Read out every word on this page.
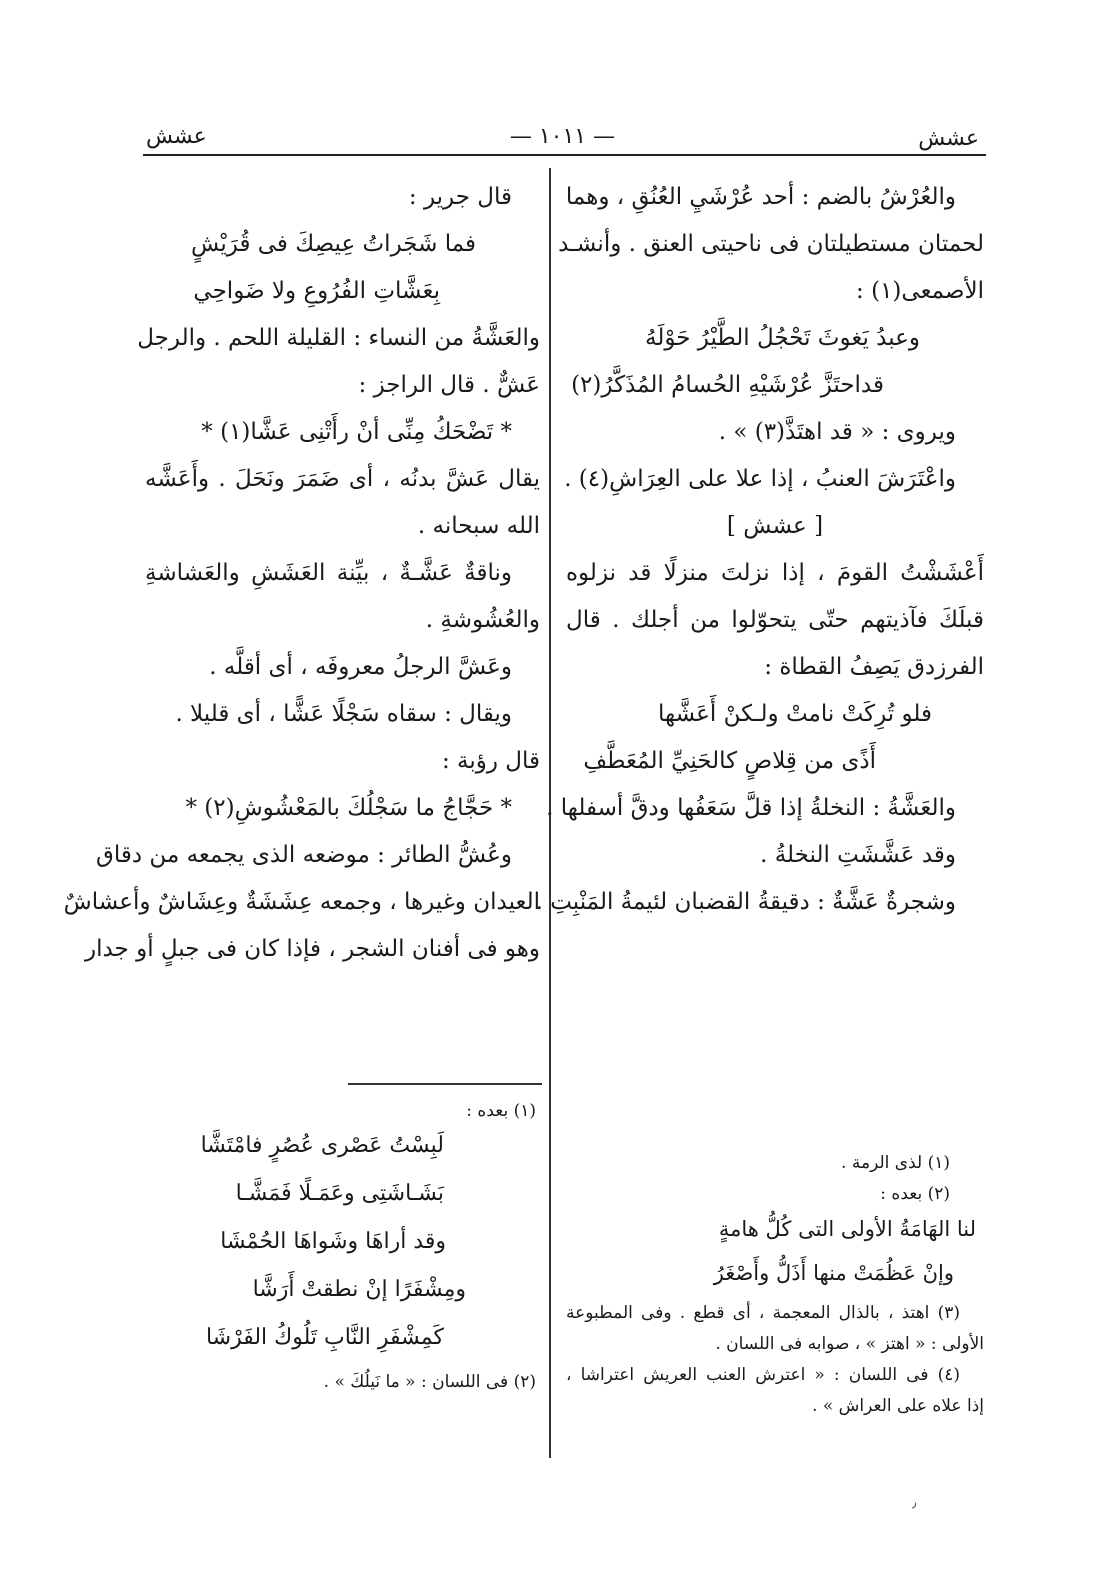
عشش	— ١٠١١ —	عشش
والعُرْشُ بالضم : أحد عُرْشَيِ العُنُقِ ، وهما
لحمتان مستطيلتان فى ناحيتى العنق . وأنشـد
الأصمعى(١) :
وعبدُ يَغوثَ تَحْجُلُ الطَّيْرُ حَوْلَهُ
قداحتَزَّ عُرْشَيْهِ الحُسامُ المُذَكَّرُ(٢)
ويروى : « قد اهتَذَّ(٣) » .
واعْتَرَشَ العنبُ ، إذا علا على العِرَاشِ(٤) .
[ عشش ]
أَعْشَشْتُ القومَ ، إذا نزلتَ منزلًا قد نزلوه
قبلَكَ فآذيتهم حتّى يتحوّلوا من أجلك . قال
الفرزدق يَصِفُ القطاة :
فلو تُرِكَتْ نامتْ ولـكنْ أَعَشَّها
أَذًى من قِلاصٍ كالحَنِيِّ المُعَطَّفِ
والعَشَّةُ : النخلةُ إذا قلَّ سَعَفُها ودقَّ أسفلها .
وقد عَشَّشَتِ النخلةُ .
وشجرةٌ عَشَّةٌ : دقيقةُ القضبان لئيمةُ المَنْبِتِ .
قال جرير :
فما شَجَراتُ عِيصِكَ فى قُرَيْشٍ
بِعَشَّاتِ الفُرُوعِ ولا ضَواحِي
والعَشَّةُ من النساء : القليلة اللحم . والرجل
عَشٌّ . قال الراجز :
* تَضْحَكُ مِنِّى أنْ رأَتْنِى عَشَّا(١) *
يقال عَشَّ بدنُه ، أى ضَمَرَ ونَحَلَ . وأَعَشَّه
الله سبحانه .
وناقةٌ عَشَّـةٌ ، بيِّنة العَشَشِ والعَشاشةِ
والعُشُوشةِ .
وعَشَّ الرجلُ معروفَه ، أى أقلَّه .
ويقال : سقاه سَجْلًا عَشًّا ، أى قليلا .
قال رؤبة :
* حَجَّاجُ ما سَجْلُكَ بالمَعْشُوشِ(٢) *
وعُشُّ الطائر : موضعه الذى يجمعه من دقاق
العيدان وغيرها ، وجمعه عِشَشَةٌ وعِشَاشٌ وأعشاشٌ
وهو فى أفنان الشجر ، فإذا كان فى جبلٍ أو جدار
(١) بعده :
لَبِسْتُ عَصْرى عُصُرٍ فامْتَشَّا
بَشَـاشَتِى وعَمَـلًا فَمَشَّـا
وقد أراهَا وشَواهَا الحُمْشَا
ومِشْفَرًا إنْ نطقتْ أَرَشَّا
كَمِشْفَرِ النَّابِ تَلُوكُ الفَرْشَا
(٢) فى اللسان : « ما نَيلُكَ » .
(١) لذى الرمة .
(٢) بعده :
لنا الهَامَةُ الأولى التى كُلُّ هامةٍ
وإنْ عَظُمَتْ منها أَذَلُّ وأَصْغَرُ
(٣) اهتذ ، بالذال المعجمة ، أى قطع . وفى المطبوعة
الأولى : « اهتز » ، صوابه فى اللسان .
(٤) فى اللسان : « اعترش العنب العريش اعتراشا ،
إذا علاه على العراش » .
٫
